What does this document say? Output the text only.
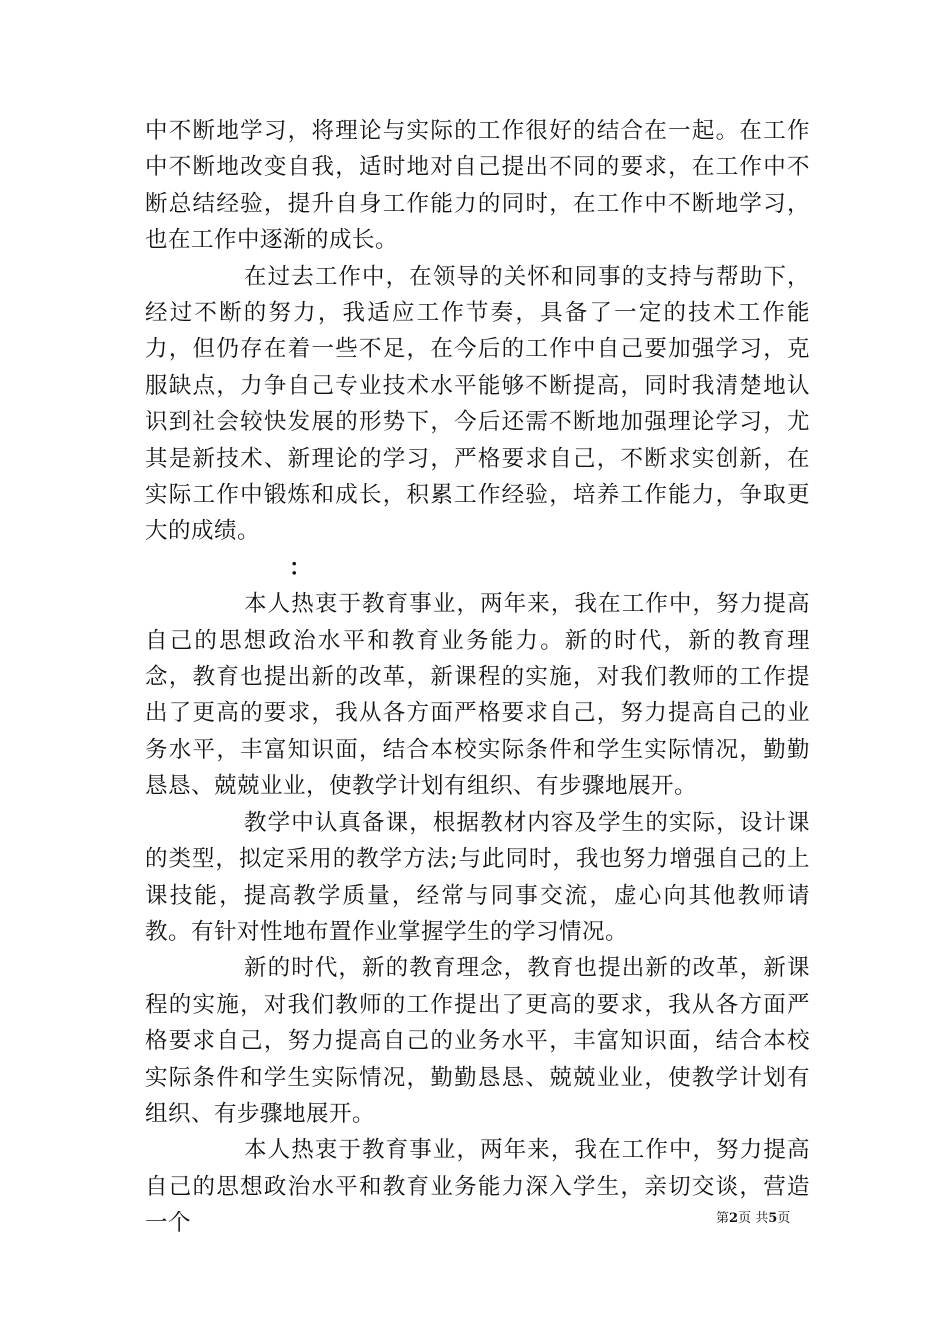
中不断地学习，将理论与实际的工作很好的结合在一起。在工作中不断地改变自我，适时地对自己提出不同的要求，在工作中不断总结经验，提升自身工作能力的同时，在工作中不断地学习，也在工作中逐渐的成长。

在过去工作中，在领导的关怀和同事的支持与帮助下，经过不断的努力，我适应工作节奏，具备了一定的技术工作能力，但仍存在着一些不足，在今后的工作中自己要加强学习，克服缺点，力争自己专业技术水平能够不断提高，同时我清楚地认识到社会较快发展的形势下，今后还需不断地加强理论学习，尤其是新技术、新理论的学习，严格要求自己，不断求实创新，在实际工作中锻炼和成长，积累工作经验，培养工作能力，争取更大的成绩。

：

本人热衷于教育事业，两年来，我在工作中，努力提高自己的思想政治水平和教育业务能力。新的时代，新的教育理念，教育也提出新的改革，新课程的实施，对我们教师的工作提出了更高的要求，我从各方面严格要求自己，努力提高自己的业务水平，丰富知识面，结合本校实际条件和学生实际情况，勤勤恳恳、兢兢业业，使教学计划有组织、有步骤地展开。

教学中认真备课，根据教材内容及学生的实际，设计课的类型，拟定采用的教学方法;与此同时，我也努力增强自己的上课技能，提高教学质量，经常与同事交流，虚心向其他教师请教。有针对性地布置作业掌握学生的学习情况。

新的时代，新的教育理念，教育也提出新的改革，新课程的实施，对我们教师的工作提出了更高的要求，我从各方面严格要求自己，努力提高自己的业务水平，丰富知识面，结合本校实际条件和学生实际情况，勤勤恳恳、兢兢业业，使教学计划有组织、有步骤地展开。

本人热衷于教育事业，两年来，我在工作中，努力提高自己的思想政治水平和教育业务能力深入学生，亲切交谈，营造一个	第2页 共5页
